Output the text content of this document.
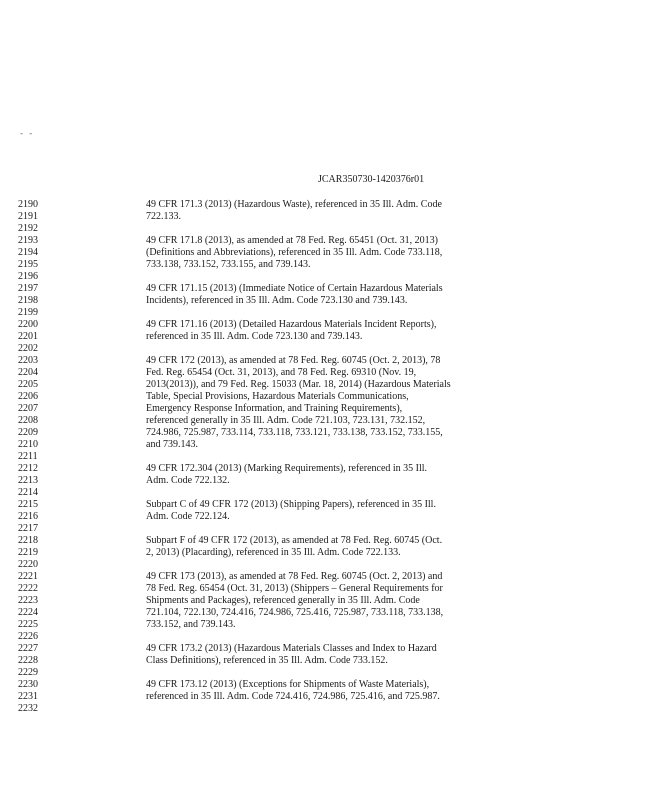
- -
JCAR350730-1420376r01
2190	49 CFR 171.3 (2013) (Hazardous Waste), referenced in 35 Ill. Adm. Code
2191	722.133.
2192
2193	49 CFR 171.8 (2013), as amended at 78 Fed. Reg. 65451 (Oct. 31, 2013)
2194	(Definitions and Abbreviations), referenced in 35 Ill. Adm. Code 733.118,
2195	733.138, 733.152, 733.155, and 739.143.
2196
2197	49 CFR 171.15 (2013) (Immediate Notice of Certain Hazardous Materials
2198	Incidents), referenced in 35 Ill. Adm. Code 723.130 and 739.143.
2199
2200	49 CFR 171.16 (2013) (Detailed Hazardous Materials Incident Reports),
2201	referenced in 35 Ill. Adm. Code 723.130 and 739.143.
2202
2203	49 CFR 172 (2013), as amended at 78 Fed. Reg. 60745 (Oct. 2, 2013), 78
2204	Fed. Reg. 65454 (Oct. 31, 2013), and 78 Fed. Reg. 69310 (Nov. 19,
2205	2013(2013)), and 79 Fed. Reg. 15033 (Mar. 18, 2014) (Hazardous Materials
2206	Table, Special Provisions, Hazardous Materials Communications,
2207	Emergency Response Information, and Training Requirements),
2208	referenced generally in 35 Ill. Adm. Code 721.103, 723.131, 732.152,
2209	724.986, 725.987, 733.114, 733.118, 733.121, 733.138, 733.152, 733.155,
2210	and 739.143.
2211
2212	49 CFR 172.304 (2013) (Marking Requirements), referenced in 35 Ill.
2213	Adm. Code 722.132.
2214
2215	Subpart C of 49 CFR 172 (2013) (Shipping Papers), referenced in 35 Ill.
2216	Adm. Code 722.124.
2217
2218	Subpart F of 49 CFR 172 (2013), as amended at 78 Fed. Reg. 60745 (Oct.
2219	2, 2013) (Placarding), referenced in 35 Ill. Adm. Code 722.133.
2220
2221	49 CFR 173 (2013), as amended at 78 Fed. Reg. 60745 (Oct. 2, 2013) and
2222	78 Fed. Reg. 65454 (Oct. 31, 2013) (Shippers – General Requirements for
2223	Shipments and Packages), referenced generally in 35 Ill. Adm. Code
2224	721.104, 722.130, 724.416, 724.986, 725.416, 725.987, 733.118, 733.138,
2225	733.152, and 739.143.
2226
2227	49 CFR 173.2 (2013) (Hazardous Materials Classes and Index to Hazard
2228	Class Definitions), referenced in 35 Ill. Adm. Code 733.152.
2229
2230	49 CFR 173.12 (2013) (Exceptions for Shipments of Waste Materials),
2231	referenced in 35 Ill. Adm. Code 724.416, 724.986, 725.416, and 725.987.
2232
